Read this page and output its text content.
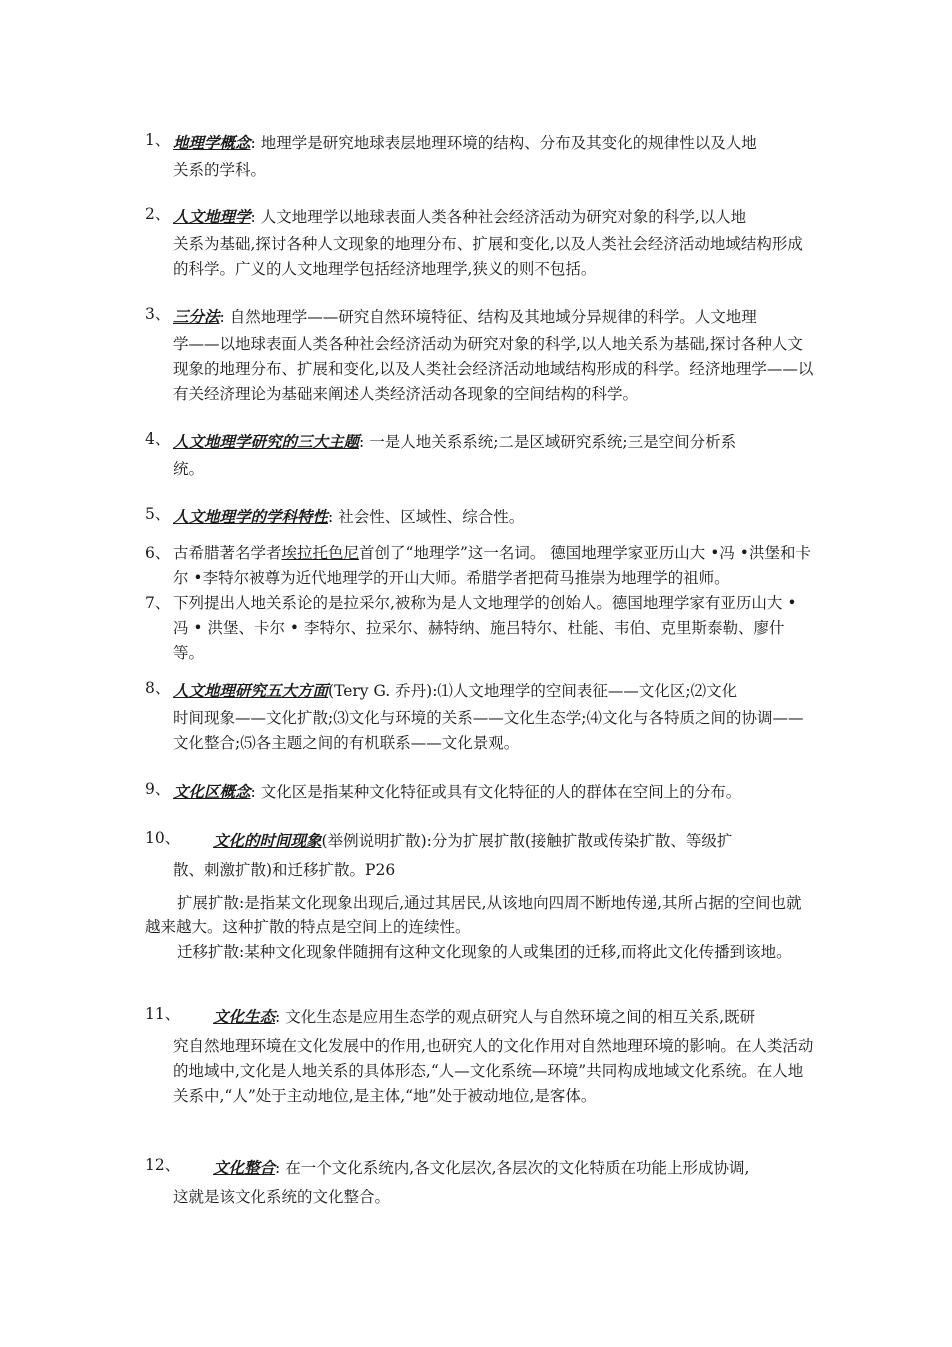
1、 地理学概念: 地理学是研究地球表层地理环境的结构、分布及其变化的规律性以及人地
关系的学科。
2、 人文地理学: 人文地理学以地球表面人类各种社会经济活动为研究对象的科学,以人地
关系为基础,探讨各种人文现象的地理分布、扩展和变化,以及人类社会经济活动地域结构形成的科学。广义的人文地理学包括经济地理学,狭义的则不包括。
3、 三分法: 自然地理学——研究自然环境特征、结构及其地域分异规律的科学。人文地理
学——以地球表面人类各种社会经济活动为研究对象的科学,以人地关系为基础,探讨各种人文现象的地理分布、扩展和变化,以及人类社会经济活动地域结构形成的科学。经济地理学——以有关经济理论为基础来阐述人类经济活动各现象的空间结构的科学。
4、 人文地理学研究的三大主题: 一是人地关系系统;二是区域研究系统;三是空间分析系
统。
5、 人文地理学的学科特性: 社会性、区域性、综合性。
6、 古希腊著名学者埃拉托色尼首创了“地理学”这一名词。 德国地理学家亚历山大 •冯 •洪堡和卡尔 •李特尔被尊为近代地理学的开山大师。希腊学者把荷马推崇为地理学的祖师。
7、 下列提出人地关系论的是拉采尔,被称为是人文地理学的创始人。德国地理学家有亚历山大 • 冯 • 洪堡、卡尔 • 李特尔、拉采尔、赫特纳、施吕特尔、杜能、韦伯、克里斯泰勒、廖什等。
8、 人文地理研究五大方面(Tery G. 乔丹):⑴人文地理学的空间表征——文化区;⑵文化
时间现象——文化扩散;⑶文化与环境的关系——文化生态学;⑷文化与各特质之间的协调——文化整合;⑸各主题之间的有机联系——文化景观。
9、 文化区概念: 文化区是指某种文化特征或具有文化特征的人的群体在空间上的分布。
10、 文化的时间现象(举例说明扩散):分为扩展扩散(接触扩散或传染扩散、等级扩
散、刺激扩散)和迁移扩散。P26
扩展扩散:是指某文化现象出现后,通过其居民,从该地向四周不断地传递,其所占据的空间也就越来越大。这种扩散的特点是空间上的连续性。
迁移扩散:某种文化现象伴随拥有这种文化现象的人或集团的迁移,而将此文化传播到该地。
11、 文化生态: 文化生态是应用生态学的观点研究人与自然环境之间的相互关系,既研
究自然地理环境在文化发展中的作用,也研究人的文化作用对自然地理环境的影响。在人类活动的地域中,文化是人地关系的具体形态,“人—文化系统—环境”共同构成地域文化系统。在人地关系中,“人”处于主动地位,是主体,“地”处于被动地位,是客体。
12、 文化整合: 在一个文化系统内,各文化层次,各层次的文化特质在功能上形成协调,
这就是该文化系统的文化整合。
